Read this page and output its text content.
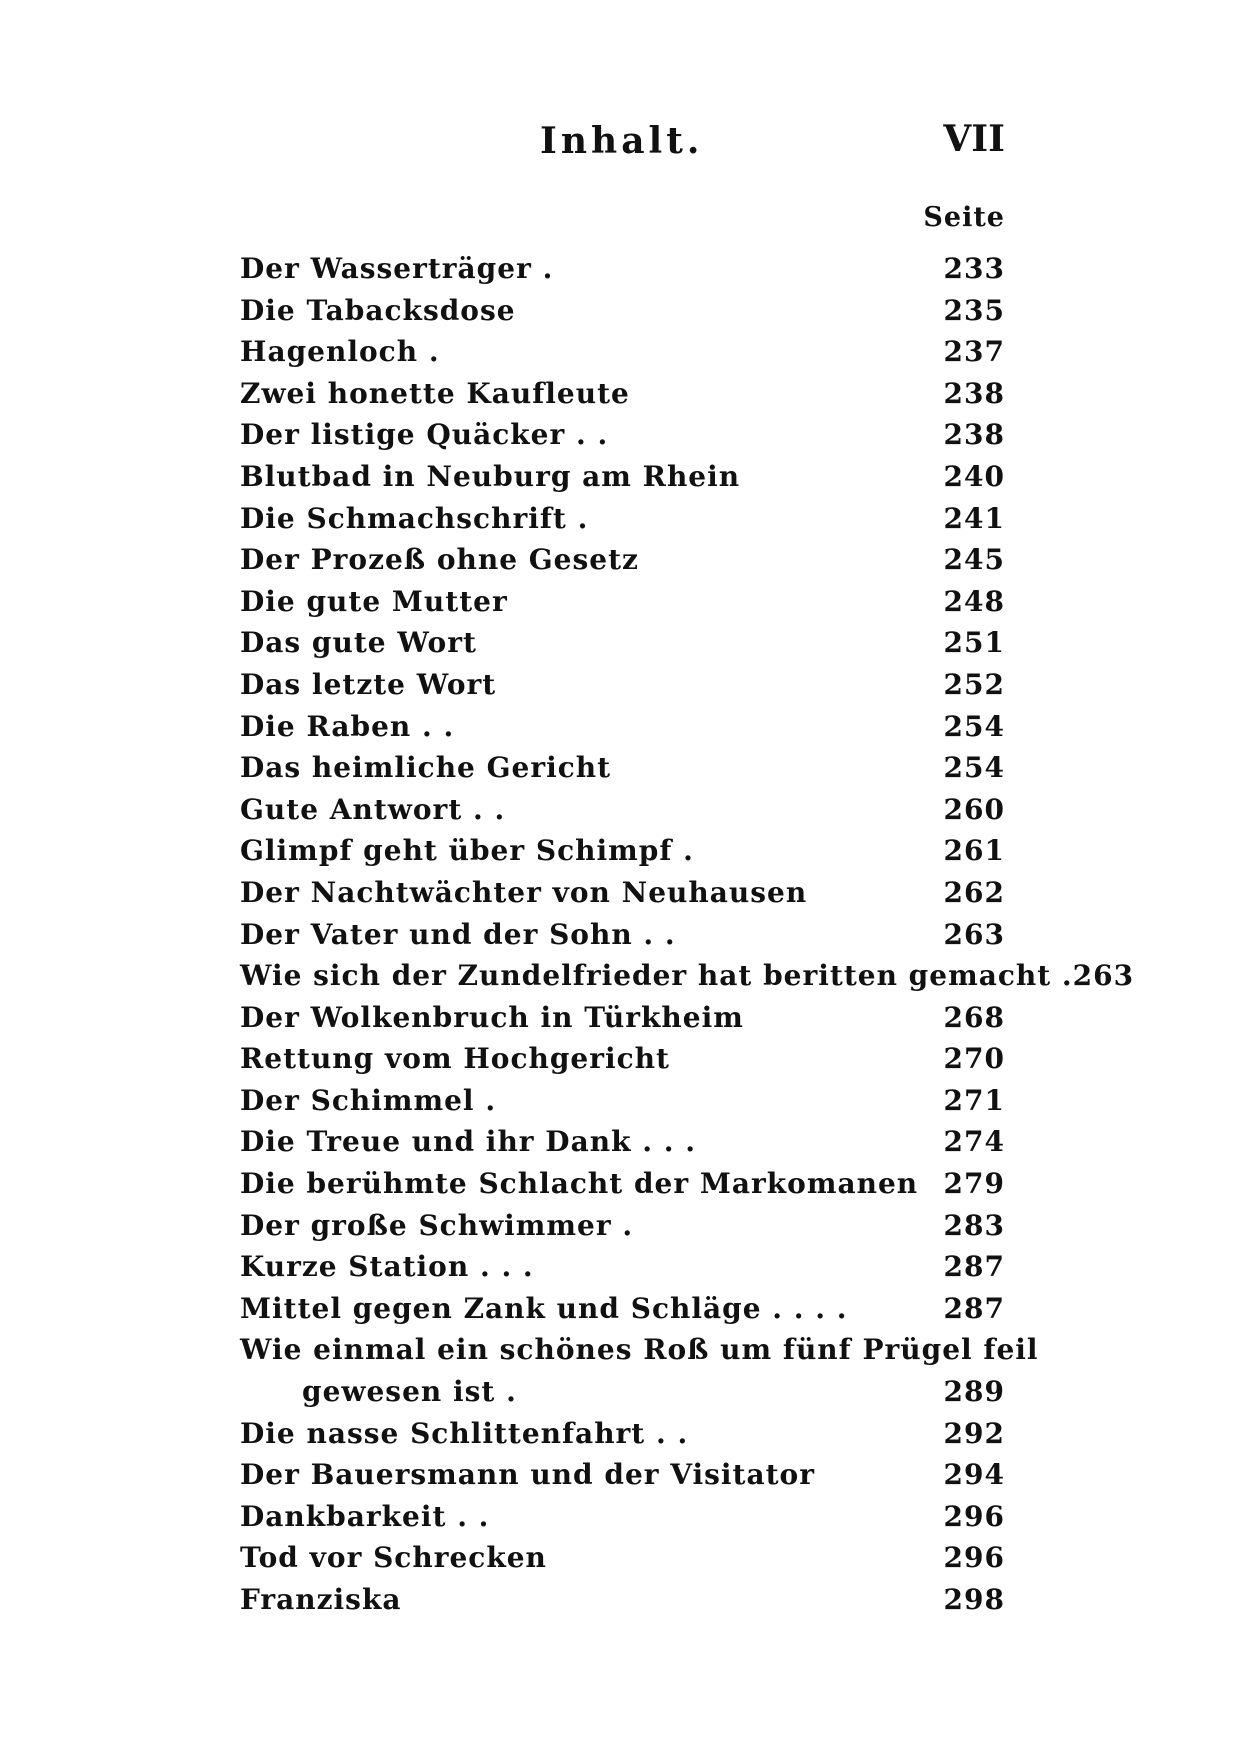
Inhalt.	VII
Seite
Der Wasserträger .	233
Die Tabacksdose	235
Hagenloch .	237
Zwei honette Kaufleute	238
Der listige Quäcker . .	238
Blutbad in Neuburg am Rhein	240
Die Schmachschrift .	241
Der Prozeß ohne Gesetz	245
Die gute Mutter	248
Das gute Wort	251
Das letzte Wort	252
Die Raben . .	254
Das heimliche Gericht	254
Gute Antwort . .	260
Glimpf geht über Schimpf .	261
Der Nachtwächter von Neuhausen	262
Der Vater und der Sohn . .	263
Wie sich der Zundelfrieder hat beritten gemacht . 263
Der Wolkenbruch in Türkheim	268
Rettung vom Hochgericht	270
Der Schimmel .	271
Die Treue und ihr Dank . . .	274
Die berühmte Schlacht der Markomanen 279
Der große Schwimmer .	283
Kurze Station . . .	287
Mittel gegen Zank und Schläge . . . .	287
Wie einmal ein schönes Roß um fünf Prügel feil
gewesen ist .	289
Die nasse Schlittenfahrt . .	292
Der Bauersmann und der Visitator	294
Dankbarkeit . .	296
Tod vor Schrecken	296
Franziska	298
